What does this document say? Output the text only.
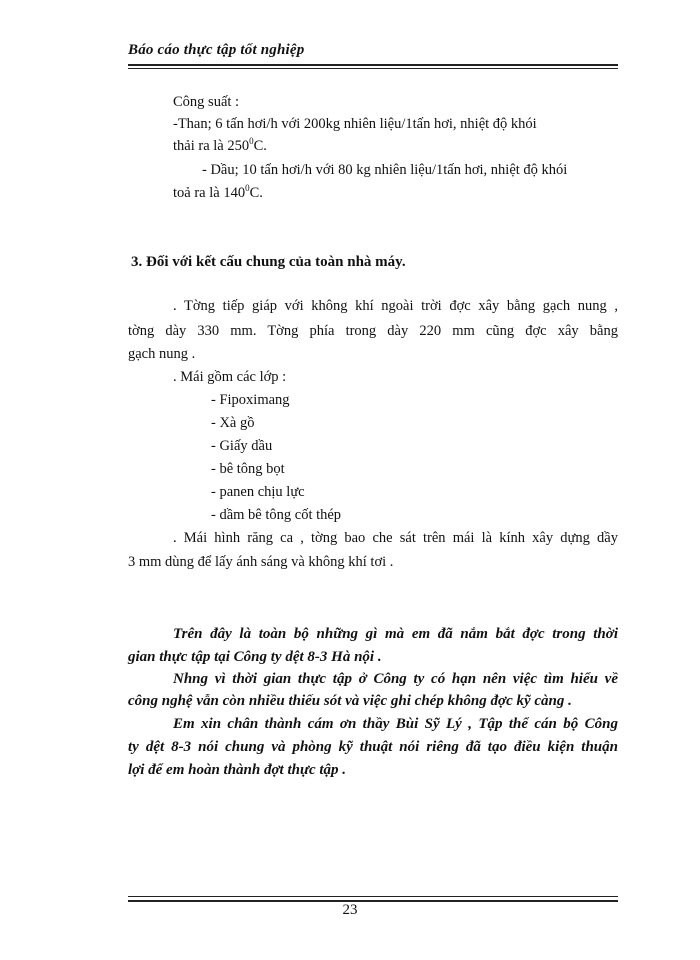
Báo cáo thực tập tốt nghiệp
Công suất :
-Than; 6 tấn hơi/h với 200kg nhiên liệu/1tấn hơi, nhiệt độ khói
thải ra là $250^0C$.
- Dầu; 10 tấn hơi/h với 80 kg nhiên liệu/1tấn hơi, nhiệt độ khói
toả ra là $140^0C$.
3. Đối với kết cấu chung của toàn nhà máy.
. Tờng tiếp giáp với không khí ngoài trời đợc xây bằng gạch nung ,
tờng dày 330 mm. Tờng phía trong dày 220 mm cũng đợc xây bằng
gạch nung .
. Mái gồm các lớp :
- Fipoximang
- Xà gồ
- Giấy dầu
- bê tông bọt
- panen chịu lực
- dầm bê tông cốt thép
. Mái hình răng ca , tờng bao che sát trên mái là kính xây dựng dầy
3 mm dùng để lấy ánh sáng và không khí tơi .
Trên đây là toàn bộ những gì mà em đã nắm bắt đợc trong thời
gian thực tập tại Công ty dệt 8-3 Hà nội .
Nhng vì thời gian thực tập ở Công ty có hạn nên việc tìm hiểu về
công nghệ vẫn còn nhiều thiếu sót và việc ghi chép không đợc kỹ càng .
Em xin chân thành cám ơn thầy Bùi Sỹ Lý , Tập thể cán bộ Công
ty dệt 8-3 nói chung và phòng kỹ thuật nói riêng đã tạo điều kiện thuận
lợi để em hoàn thành đợt thực tập .
23
